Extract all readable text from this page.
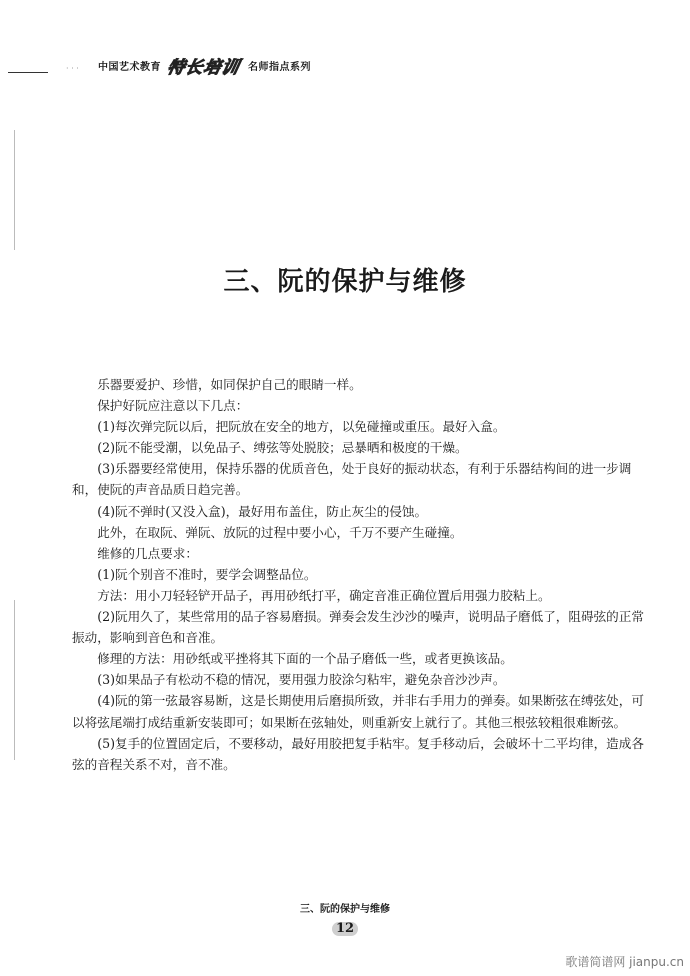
· · · 中国艺术教育 特长培训 名师指点系列
三、阮的保护与维修

乐器要爱护、珍惜，如同保护自己的眼睛一样。

保护好阮应注意以下几点：

(1)每次弹完阮以后，把阮放在安全的地方，以免碰撞或重压。最好入盒。

(2)阮不能受潮，以免品子、缚弦等处脱胶；忌暴晒和极度的干燥。

(3)乐器要经常使用，保持乐器的优质音色，处于良好的振动状态，有利于乐器结构间的进一步调和，使阮的声音品质日趋完善。

(4)阮不弹时(又没入盒)，最好用布盖住，防止灰尘的侵蚀。

此外，在取阮、弹阮、放阮的过程中要小心，千万不要产生碰撞。

维修的几点要求：

(1)阮个别音不准时，要学会调整品位。

方法：用小刀轻轻铲开品子，再用砂纸打平，确定音准正确位置后用强力胶粘上。

(2)阮用久了，某些常用的品子容易磨损。弹奏会发生沙沙的噪声，说明品子磨低了，阻碍弦的正常振动，影响到音色和音准。

修理的方法：用砂纸或平挫将其下面的一个品子磨低一些，或者更换该品。

(3)如果品子有松动不稳的情况，要用强力胶涂匀粘牢，避免杂音沙沙声。

(4)阮的第一弦最容易断，这是长期使用后磨损所致，并非右手用力的弹奏。如果断弦在缚弦处，可以将弦尾端打成结重新安装即可；如果断在弦轴处，则重新安上就行了。其他三根弦较粗很难断弦。

(5)复手的位置固定后，不要移动，最好用胶把复手粘牢。复手移动后，会破坏十二平均律，造成各弦的音程关系不对，音不准。

三、阮的保护与维修
12
歌谱简谱网 jianpu.cn
